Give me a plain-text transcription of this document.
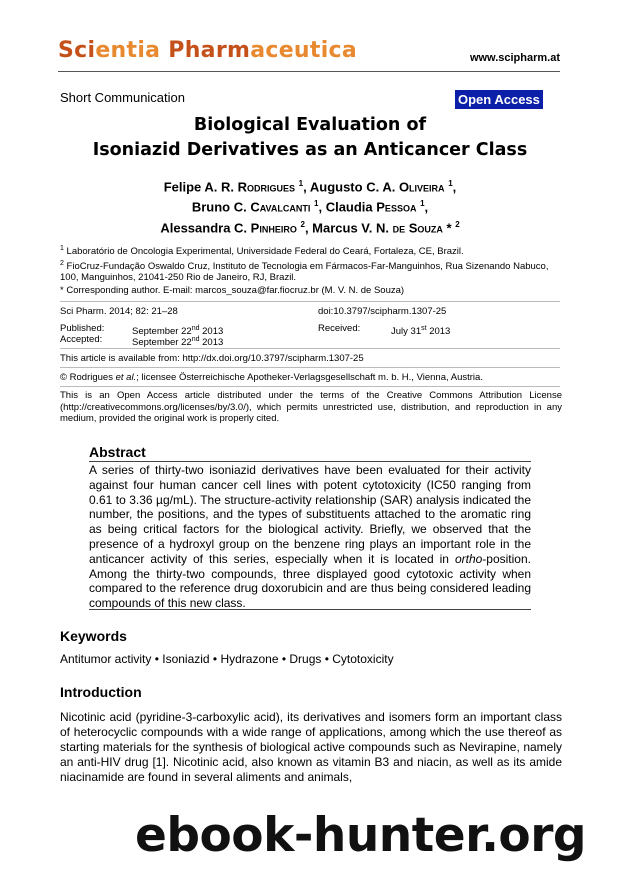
Scientia Pharmaceutica	www.scipharm.at
Short Communication	Open Access
Biological Evaluation of
Isoniazid Derivatives as an Anticancer Class
Felipe A. R. Rodrigues $^1$, Augusto C. A. Oliveira $^1$,
Bruno C. Cavalcanti $^1$, Claudia Pessoa $^1$,
Alessandra C. Pinheiro $^2$, Marcus V. N. de Souza * $^2$
$^1$ Laboratório de Oncologia Experimental, Universidade Federal do Ceará, Fortaleza, CE, Brazil.
$^2$ FioCruz-Fundação Oswaldo Cruz, Instituto de Tecnologia em Fármacos-Far-Manguinhos, Rua Sizenando Nabuco, 100, Manguinhos, 21041-250 Rio de Janeiro, RJ, Brazil.
* Corresponding author. E-mail: marcos_souza@far.fiocruz.br (M. V. N. de Souza)
Sci Pharm. 2014; 82: 21–28	doi:10.3797/scipharm.1307-25
Published:	September 22nd 2013
Accepted:	September 22nd 2013
Received:	July 31st 2013
This article is available from: http://dx.doi.org/10.3797/scipharm.1307-25
© Rodrigues et al.; licensee Österreichische Apotheker-Verlagsgesellschaft m. b. H., Vienna, Austria.
This is an Open Access article distributed under the terms of the Creative Commons Attribution License (http://creativecommons.org/licenses/by/3.0/), which permits unrestricted use, distribution, and reproduction in any medium, provided the original work is properly cited.
Abstract
A series of thirty-two isoniazid derivatives have been evaluated for their activity against four human cancer cell lines with potent cytotoxicity (IC50 ranging from 0.61 to 3.36 µg/mL). The structure-activity relationship (SAR) analysis indicated the number, the positions, and the types of substituents attached to the aromatic ring as being critical factors for the biological activity. Briefly, we observed that the presence of a hydroxyl group on the benzene ring plays an important role in the anticancer activity of this series, especially when it is located in ortho-position. Among the thirty-two compounds, three displayed good cytotoxic activity when compared to the reference drug doxorubicin and are thus being considered leading compounds of this new class.
Keywords
Antitumor activity • Isoniazid • Hydrazone • Drugs • Cytotoxicity
Introduction
Nicotinic acid (pyridine-3-carboxylic acid), its derivatives and isomers form an important class of heterocyclic compounds with a wide range of applications, among which the use thereof as starting materials for the synthesis of biological active compounds such as Nevirapine, namely an anti-HIV drug [1]. Nicotinic acid, also known as vitamin B3 and niacin, as well as its amide niacinamide are found in several aliments and animals,
ebook-hunter.org
